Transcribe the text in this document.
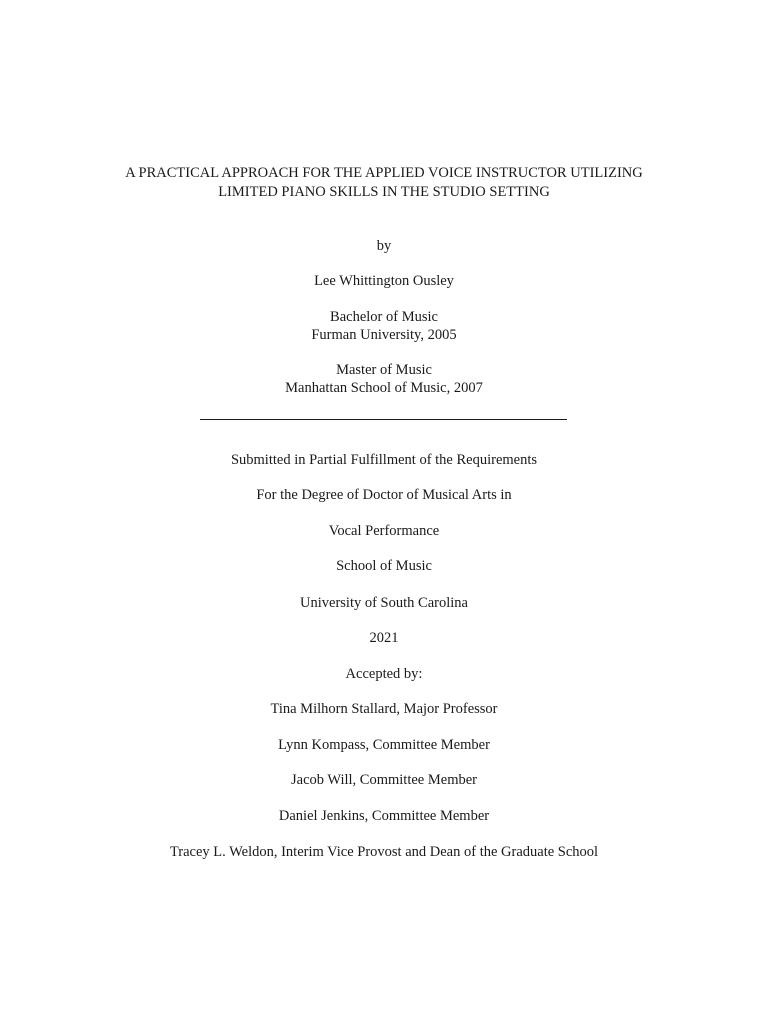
A PRACTICAL APPROACH FOR THE APPLIED VOICE INSTRUCTOR UTILIZING
LIMITED PIANO SKILLS IN THE STUDIO SETTING
by
Lee Whittington Ousley
Bachelor of Music
Furman University, 2005
Master of Music
Manhattan School of Music, 2007
Submitted in Partial Fulfillment of the Requirements
For the Degree of Doctor of Musical Arts in
Vocal Performance
School of Music
University of South Carolina
2021
Accepted by:
Tina Milhorn Stallard, Major Professor
Lynn Kompass, Committee Member
Jacob Will, Committee Member
Daniel Jenkins, Committee Member
Tracey L. Weldon, Interim Vice Provost and Dean of the Graduate School
